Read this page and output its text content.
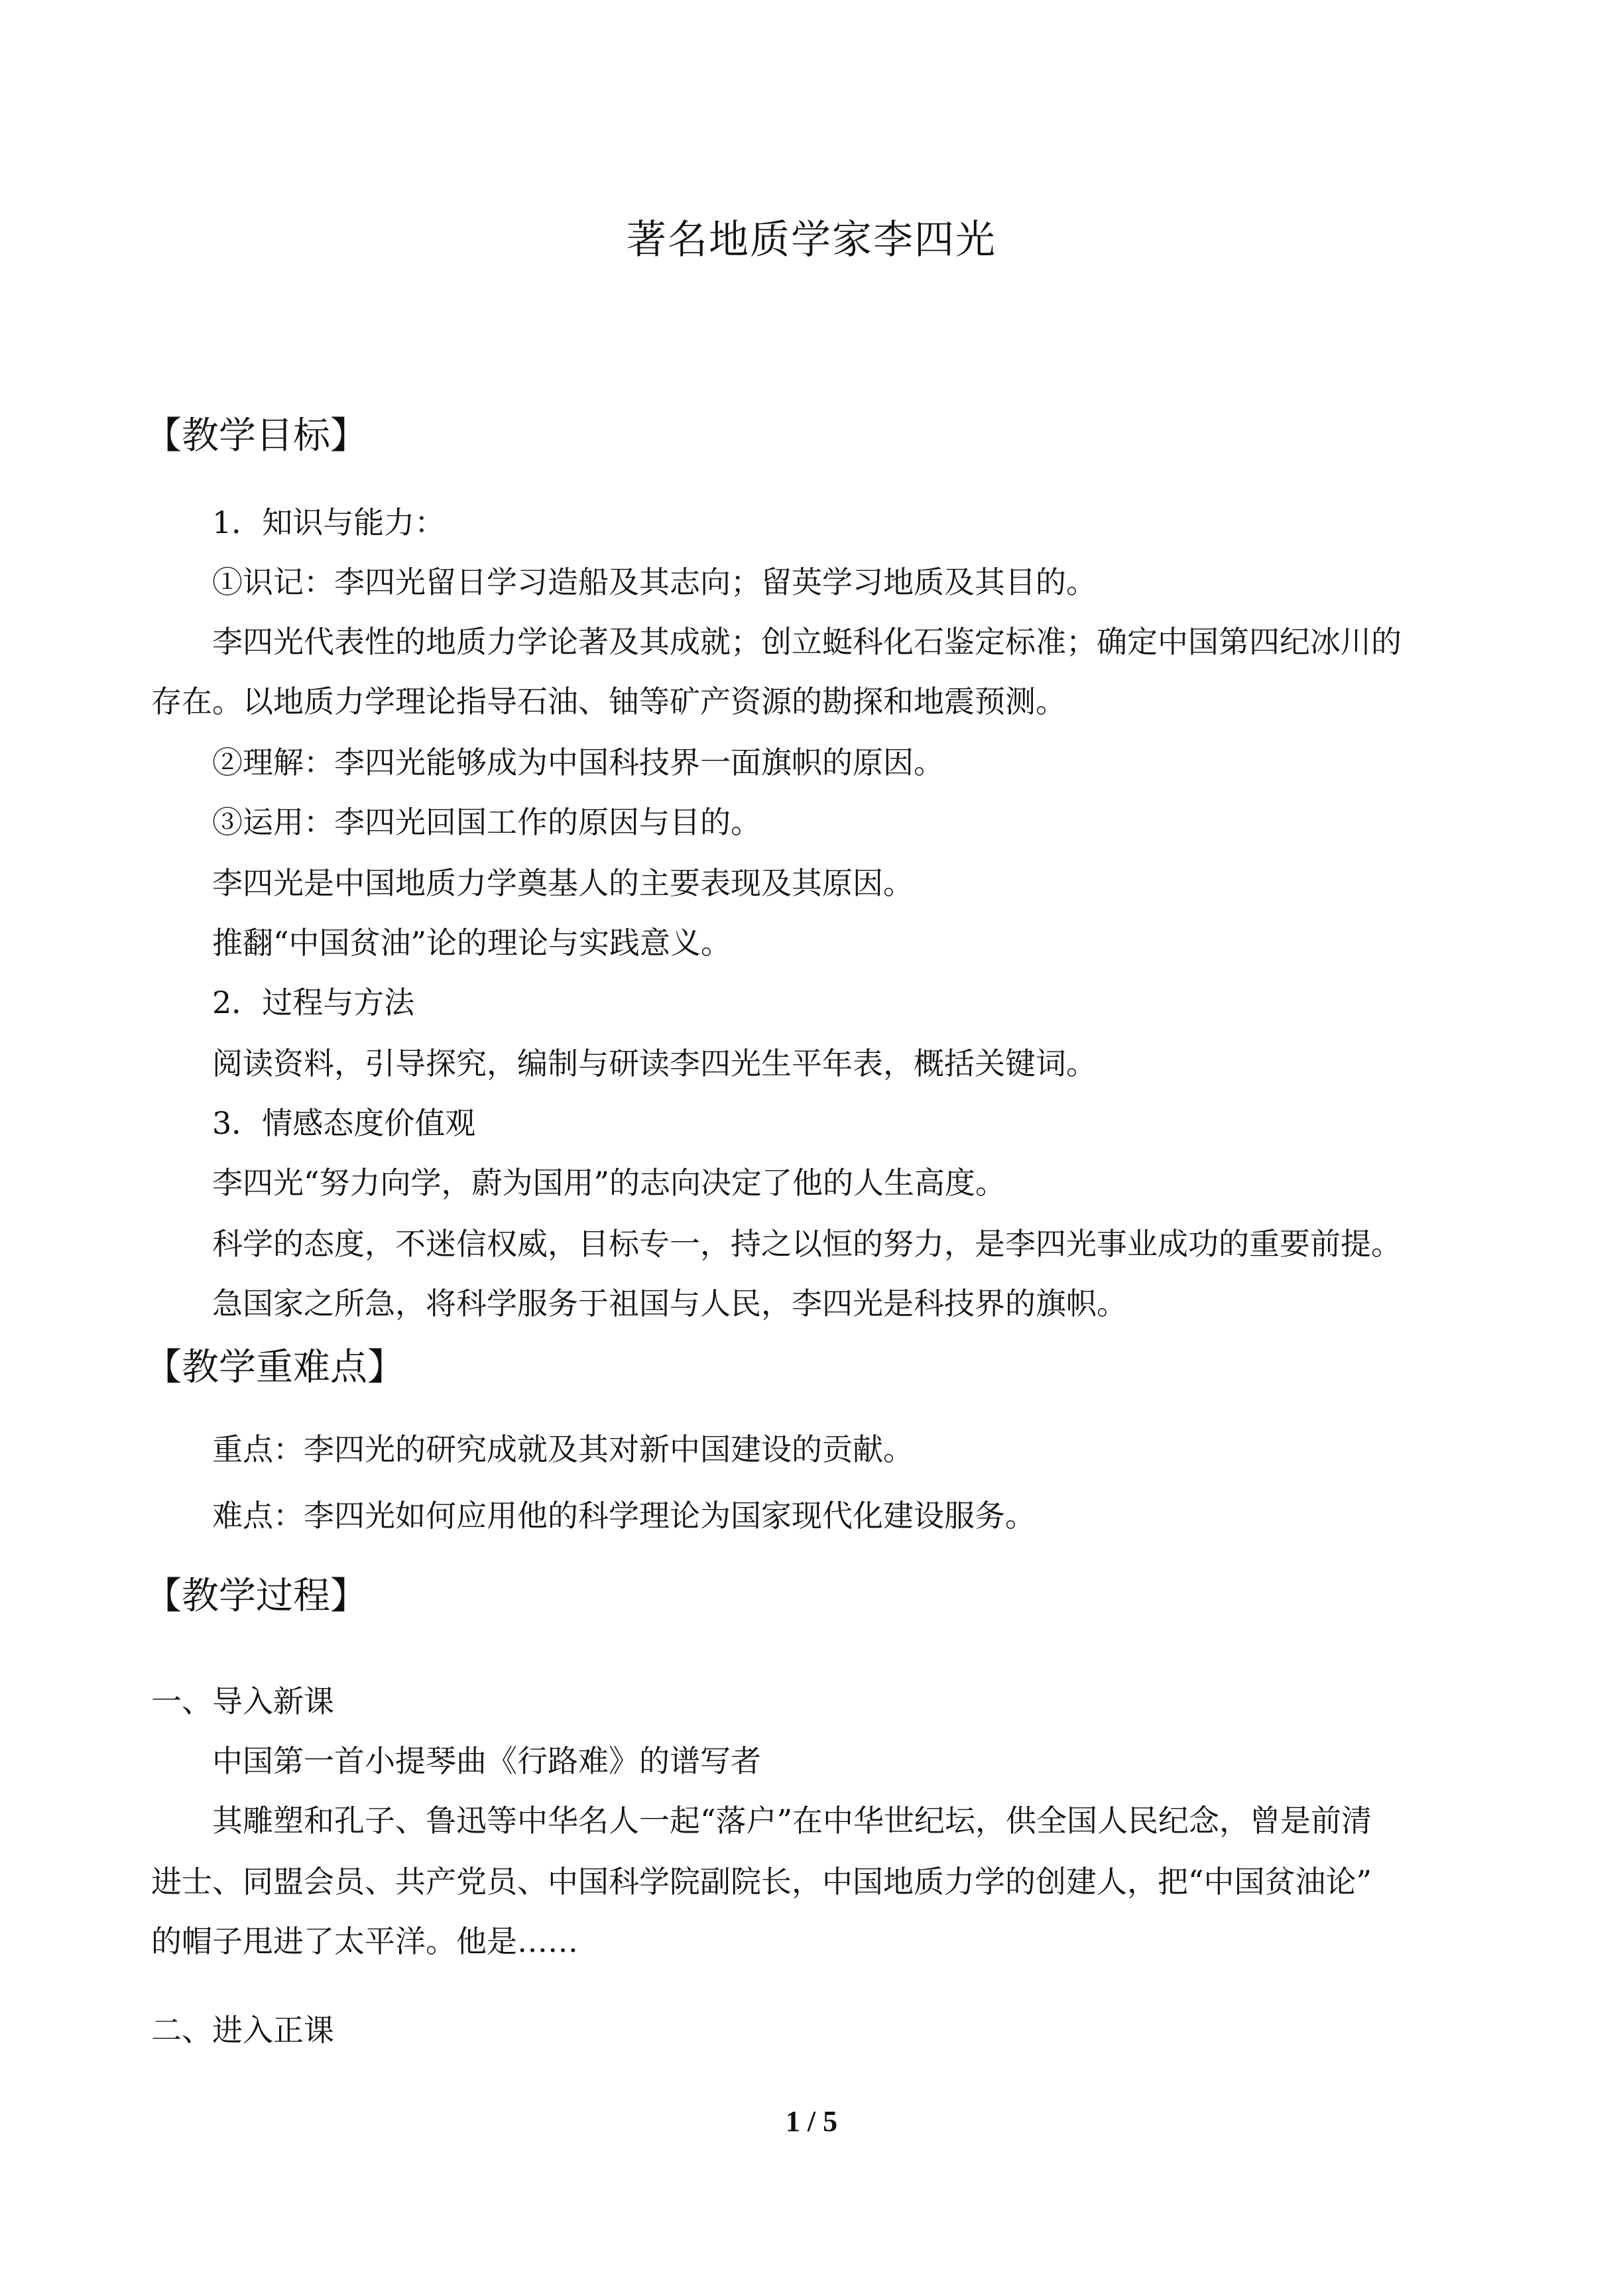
著名地质学家李四光
【教学目标】
1．知识与能力：
①识记：李四光留日学习造船及其志向；留英学习地质及其目的。
李四光代表性的地质力学论著及其成就；创立蜓科化石鉴定标准；确定中国第四纪冰川的
存在。以地质力学理论指导石油、铀等矿产资源的勘探和地震预测。
②理解：李四光能够成为中国科技界一面旗帜的原因。
③运用：李四光回国工作的原因与目的。
李四光是中国地质力学奠基人的主要表现及其原因。
推翻“中国贫油”论的理论与实践意义。
2．过程与方法
阅读资料，引导探究，编制与研读李四光生平年表，概括关键词。
3．情感态度价值观
李四光“努力向学，蔚为国用”的志向决定了他的人生高度。
科学的态度，不迷信权威，目标专一，持之以恒的努力，是李四光事业成功的重要前提。
急国家之所急，将科学服务于祖国与人民，李四光是科技界的旗帜。
【教学重难点】
重点：李四光的研究成就及其对新中国建设的贡献。
难点：李四光如何应用他的科学理论为国家现代化建设服务。
【教学过程】
一、导入新课
中国第一首小提琴曲《行路难》的谱写者
其雕塑和孔子、鲁迅等中华名人一起“落户”在中华世纪坛，供全国人民纪念，曾是前清
进士、同盟会员、共产党员、中国科学院副院长，中国地质力学的创建人，把“中国贫油论”
的帽子甩进了太平洋。他是……
二、进入正课
1 / 5
